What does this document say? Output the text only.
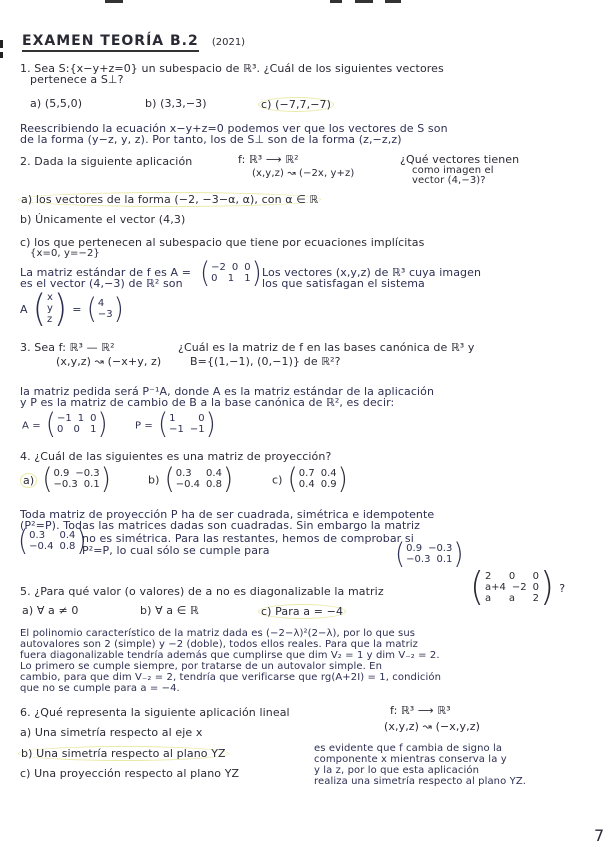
EXAMEN TEORÍA B.2 (2021)
1. Sea S:{x−y+z=0} un subespacio de ℝ³. ¿Cuál de los siguientes vectores
pertenece a S⊥?
a) (5,5,0)	b) (3,3,−3)	c) (−7,7,−7)
Reescribiendo la ecuación x−y+z=0 podemos ver que los vectores de S son
de la forma (y−z, y, z). Por tanto, los de S⊥ son de la forma (z,−z,z)
2. Dada la siguiente aplicación	f: ℝ³ ⟶ ℝ²
(x,y,z) ↝ (−2x, y+z)
¿Qué vectores tienen
como imagen el
vector (4,−3)?
a) los vectores de la forma (−2, −3−α, α), con α ∈ ℝ
b) Únicamente el vector (4,3)
c) los que pertenecen al subespacio que tiene por ecuaciones implícitas
{x=0, y=−2}
La matriz estándar de f es A =
es el vector (4,−3) de ℝ² son ( −2 0 0
0 1 1 ) Los vectores (x,y,z) de ℝ³ cuya imagen
los que satisfagan el sistema
A ( x
y
z ) = ( 4
−3 )
3. Sea f: ℝ³ — ℝ²	¿Cuál es la matriz de f en las bases canónica de ℝ³ y
(x,y,z) ↝ (−x+y, z)	B={(1,−1), (0,−1)} de ℝ²?
la matriz pedida será P⁻¹A, donde A es la matriz estándar de la aplicación
y P es la matriz de cambio de B a la base canónica de ℝ², es decir:
A = ( −1 1 0
0 0 1 )	P = ( 1 0
−1 −1 )
4. ¿Cuál de las siguientes es una matriz de proyección?
a) ( 0.9 −0.3
−0.3 0.1 )	b) ( 0.3 0.4
−0.4 0.8 )	c) ( 0.7 0.4
0.4 0.9 )
Toda matriz de proyección P ha de ser cuadrada, simétrica e idempotente
(P²=P). Todas las matrices dadas son cuadradas. Sin embargo la matriz
( 0.3 0.4
−0.4 0.8 )
no es simétrica. Para las restantes, hemos de comprobar si
P²=P, lo cual sólo se cumple para	( 0.9 −0.3
−0.3 0.1 )
5. ¿Para qué valor (o valores) de a no es diagonalizable la matriz ( 2 0 0
a+4 −2 0
a a 2 ) ?
a) ∀ a ≠ 0	b) ∀ a ∈ ℝ	c) Para a = −4
El polinomio característico de la matriz dada es (−2−λ)²(2−λ), por lo que sus
autovalores son 2 (simple) y −2 (doble), todos ellos reales. Para que la matriz
fuera diagonalizable tendría además que cumplirse que dim V₂ = 1 y dim V₋₂ = 2.
Lo primero se cumple siempre, por tratarse de un autovalor simple. En
cambio, para que dim V₋₂ = 2, tendría que verificarse que rg(A+2I) = 1, condición
que no se cumple para a = −4.
6. ¿Qué representa la siguiente aplicación lineal	f: ℝ³ ⟶ ℝ³
(x,y,z) ↝ (−x,y,z)
a) Una simetría respecto al eje x
b) Una simetría respecto al plano YZ
c) Una proyección respecto al plano YZ
es evidente que f cambia de signo la
componente x mientras conserva la y
y la z, por lo que esta aplicación
realiza una simetría respecto al plano YZ.
7
